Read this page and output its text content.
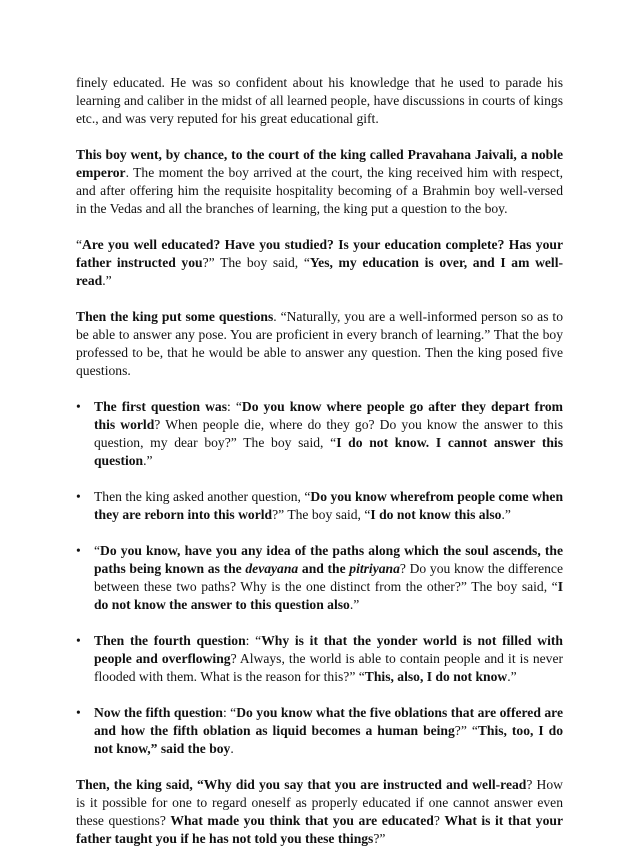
finely educated. He was so confident about his knowledge that he used to parade his learning and caliber in the midst of all learned people, have discussions in courts of kings etc., and was very reputed for his great educational gift.

This boy went, by chance, to the court of the king called Pravahana Jaivali, a noble emperor. The moment the boy arrived at the court, the king received him with respect, and after offering him the requisite hospitality becoming of a Brahmin boy well-versed in the Vedas and all the branches of learning, the king put a question to the boy.

“Are you well educated? Have you studied? Is your education complete? Has your father instructed you?” The boy said, “Yes, my education is over, and I am well-read.”

Then the king put some questions. “Naturally, you are a well-informed person so as to be able to answer any pose. You are proficient in every branch of learning.” That the boy professed to be, that he would be able to answer any question. Then the king posed five questions.

• The first question was: “Do you know where people go after they depart from this world? When people die, where do they go? Do you know the answer to this question, my dear boy?” The boy said, “I do not know. I cannot answer this question.”
• Then the king asked another question, “Do you know wherefrom people come when they are reborn into this world?” The boy said, “I do not know this also.”
• “Do you know, have you any idea of the paths along which the soul ascends, the paths being known as the devayana and the pitriyana? Do you know the difference between these two paths? Why is the one distinct from the other?” The boy said, “I do not know the answer to this question also.”
• Then the fourth question: “Why is it that the yonder world is not filled with people and overflowing? Always, the world is able to contain people and it is never flooded with them. What is the reason for this?” “This, also, I do not know.”
• Now the fifth question: “Do you know what the five oblations that are offered are and how the fifth oblation as liquid becomes a human being?” “This, too, I do not know,” said the boy.

Then, the king said, “Why did you say that you are instructed and well-read? How is it possible for one to regard oneself as properly educated if one cannot answer even these questions? What made you think that you are educated? What is it that your father taught you if he has not told you these things?”
